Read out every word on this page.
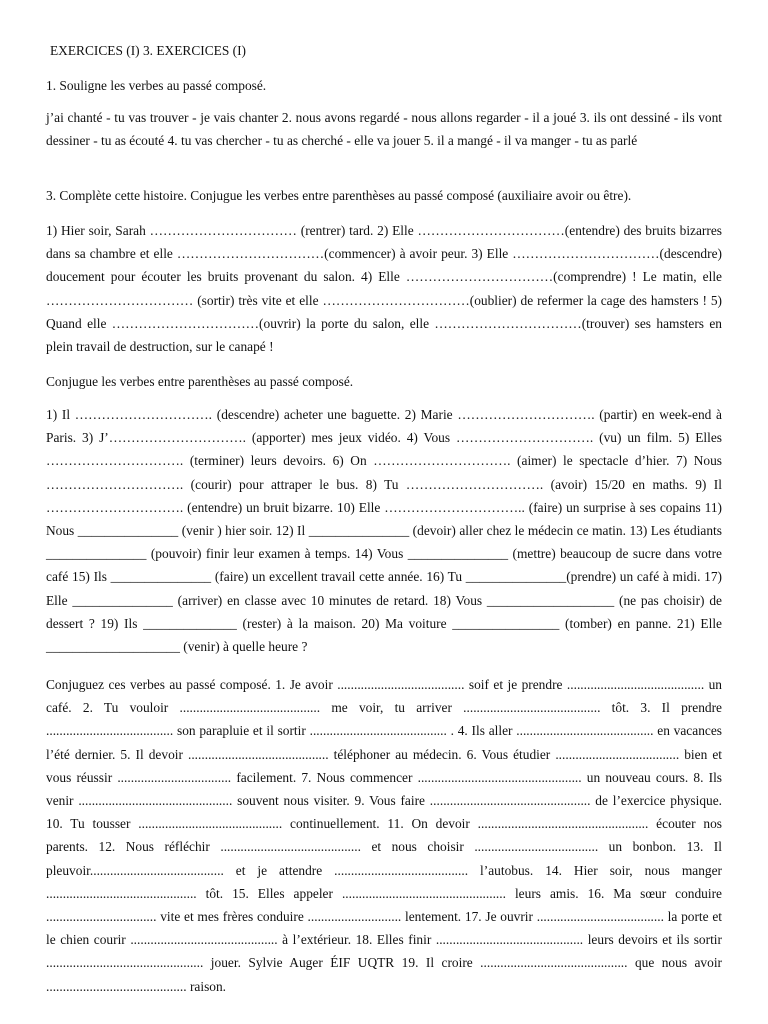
EXERCICES (I) 3. EXERCICES (I)

1. Souligne les verbes au passé composé.

j’ai chanté - tu vas trouver - je vais chanter 2. nous avons regardé - nous allons regarder - il a joué 3. ils ont dessiné - ils vont dessiner - tu as écouté 4. tu vas chercher - tu as cherché - elle va jouer 5. il a mangé - il va manger - tu as parlé

3. Complète cette histoire. Conjugue les verbes entre parenthèses au passé composé (auxiliaire avoir ou être).

1) Hier soir, Sarah …………………………… (rentrer) tard. 2) Elle ……………………………(entendre) des bruits bizarres dans sa chambre et elle ……………………………(commencer) à avoir peur. 3) Elle ……………………………(descendre) doucement pour écouter les bruits provenant du salon. 4) Elle ……………………………(comprendre) ! Le matin, elle …………………………… (sortir) très vite et elle ……………………………(oublier) de refermer la cage des hamsters ! 5) Quand elle ……………………………(ouvrir) la porte du salon, elle ……………………………(trouver) ses hamsters en plein travail de destruction, sur le canapé !

Conjugue les verbes entre parenthèses au passé composé.

1) Il …………………………. (descendre) acheter une baguette. 2) Marie …………………………. (partir) en week-end à Paris. 3) J’…………………………. (apporter) mes jeux vidéo. 4) Vous …………………………. (vu) un film. 5) Elles …………………………. (terminer) leurs devoirs. 6) On …………………………. (aimer) le spectacle d’hier. 7) Nous …………………………. (courir) pour attraper le bus. 8) Tu …………………………. (avoir) 15/20 en maths. 9) Il …………………………. (entendre) un bruit bizarre. 10) Elle ………………………….. (faire) un surprise à ses copains 11) Nous _______________ (venir ) hier soir. 12) Il _______________ (devoir) aller chez le médecin ce matin. 13) Les étudiants _______________ (pouvoir) finir leur examen à temps. 14) Vous _______________ (mettre) beaucoup de sucre dans votre café 15) Ils _______________ (faire) un excellent travail cette année. 16) Tu _______________(prendre) un café à midi. 17) Elle _______________ (arriver) en classe avec 10 minutes de retard. 18) Vous ___________________ (ne pas choisir) de dessert ? 19) Ils ______________ (rester) à la maison. 20) Ma voiture ________________ (tomber) en panne. 21) Elle ____________________ (venir) à quelle heure ?

Conjuguez ces verbes au passé composé. 1. Je avoir ...................................... soif et je prendre ......................................... un café. 2. Tu vouloir .......................................... me voir, tu arriver ......................................... tôt. 3. Il prendre ...................................... son parapluie et il sortir ......................................... . 4. Ils aller ......................................... en vacances l’été dernier. 5. Il devoir .......................................... téléphoner au médecin. 6. Vous étudier ..................................... bien et vous réussir .................................. facilement. 7. Nous commencer ................................................. un nouveau cours. 8. Ils venir .............................................. souvent nous visiter. 9. Vous faire ................................................ de l’exercice physique. 10. Tu tousser ........................................... continuellement. 11. On devoir ................................................... écouter nos parents. 12. Nous réfléchir .......................................... et nous choisir ..................................... un bonbon. 13. Il pleuvoir........................................ et je attendre ........................................ l’autobus. 14. Hier soir, nous manger ............................................. tôt. 15. Elles appeler ................................................. leurs amis. 16. Ma sœur conduire ................................. vite et mes frères conduire ............................ lentement. 17. Je ouvrir ...................................... la porte et le chien courir ............................................ à l’extérieur. 18. Elles finir ............................................ leurs devoirs et ils sortir ............................................... jouer. Sylvie Auger ÉIF UQTR 19. Il croire ............................................ que nous avoir .......................................... raison.
